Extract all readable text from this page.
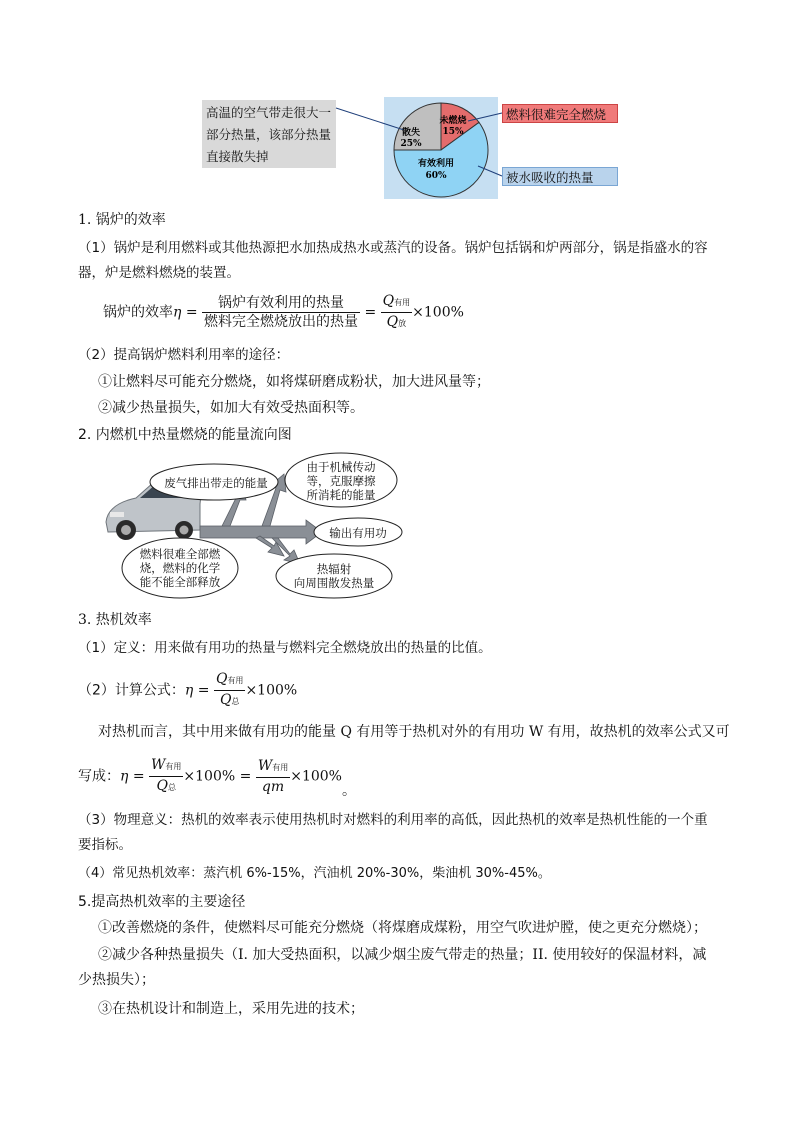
高温的空气带走很大一
部分热量，该部分热量
直接散失掉
未燃烧
15%
散失
25%
有效利用
60%
燃料很难完全燃烧
被水吸收的热量
1. 锅炉的效率
（1）锅炉是利用燃料或其他热源把水加热成热水或蒸汽的设备。锅炉包括锅和炉两部分，锅是指盛水的容
器，炉是燃料燃烧的装置。
锅炉的效率$\eta = \frac{\text{锅炉有效利用的热量}}{\text{燃料完全燃烧放出的热量}} = \frac{\text{Q有用}}{\text{Q放}} \times 100\%$
（2）提高锅炉燃料利用率的途径：
①让燃料尽可能充分燃烧，如将煤研磨成粉状，加大进风量等；
②减少热量损失，如加大有效受热面积等。
2. 内燃机中热量燃烧的能量流向图
废气排出带走的能量
由于机械传动
等，克服摩擦
所消耗的能量
输出有用功
燃料很难全部燃
烧，燃料的化学
能不能全部释放
热辐射
向周围散发热量
3. 热机效率
（1）定义：用来做有用功的热量与燃料完全燃烧放出的热量的比值。
（2）计算公式：$\eta = \frac{\text{Q有用}}{\text{Q总}} \times 100\%$
对热机而言，其中用来做有用功的能量 Q 有用等于热机对外的有用功 W 有用，故热机的效率公式又可
写成：$\eta = \frac{\text{W有用}}{\text{Q总}} \times 100\% = \frac{\text{W有用}}{qm} \times 100\%$。
（3）物理意义：热机的效率表示使用热机时对燃料的利用率的高低，因此热机的效率是热机性能的一个重
要指标。
（4）常见热机效率：蒸汽机 6%-15%，汽油机 20%-30%，柴油机 30%-45%。
5.提高热机效率的主要途径
①改善燃烧的条件，使燃料尽可能充分燃烧（将煤磨成煤粉，用空气吹进炉膛，使之更充分燃烧）；
②减少各种热量损失（I. 加大受热面积，以减少烟尘废气带走的热量；II. 使用较好的保温材料，减
少热损失）；
③在热机设计和制造上，采用先进的技术；
